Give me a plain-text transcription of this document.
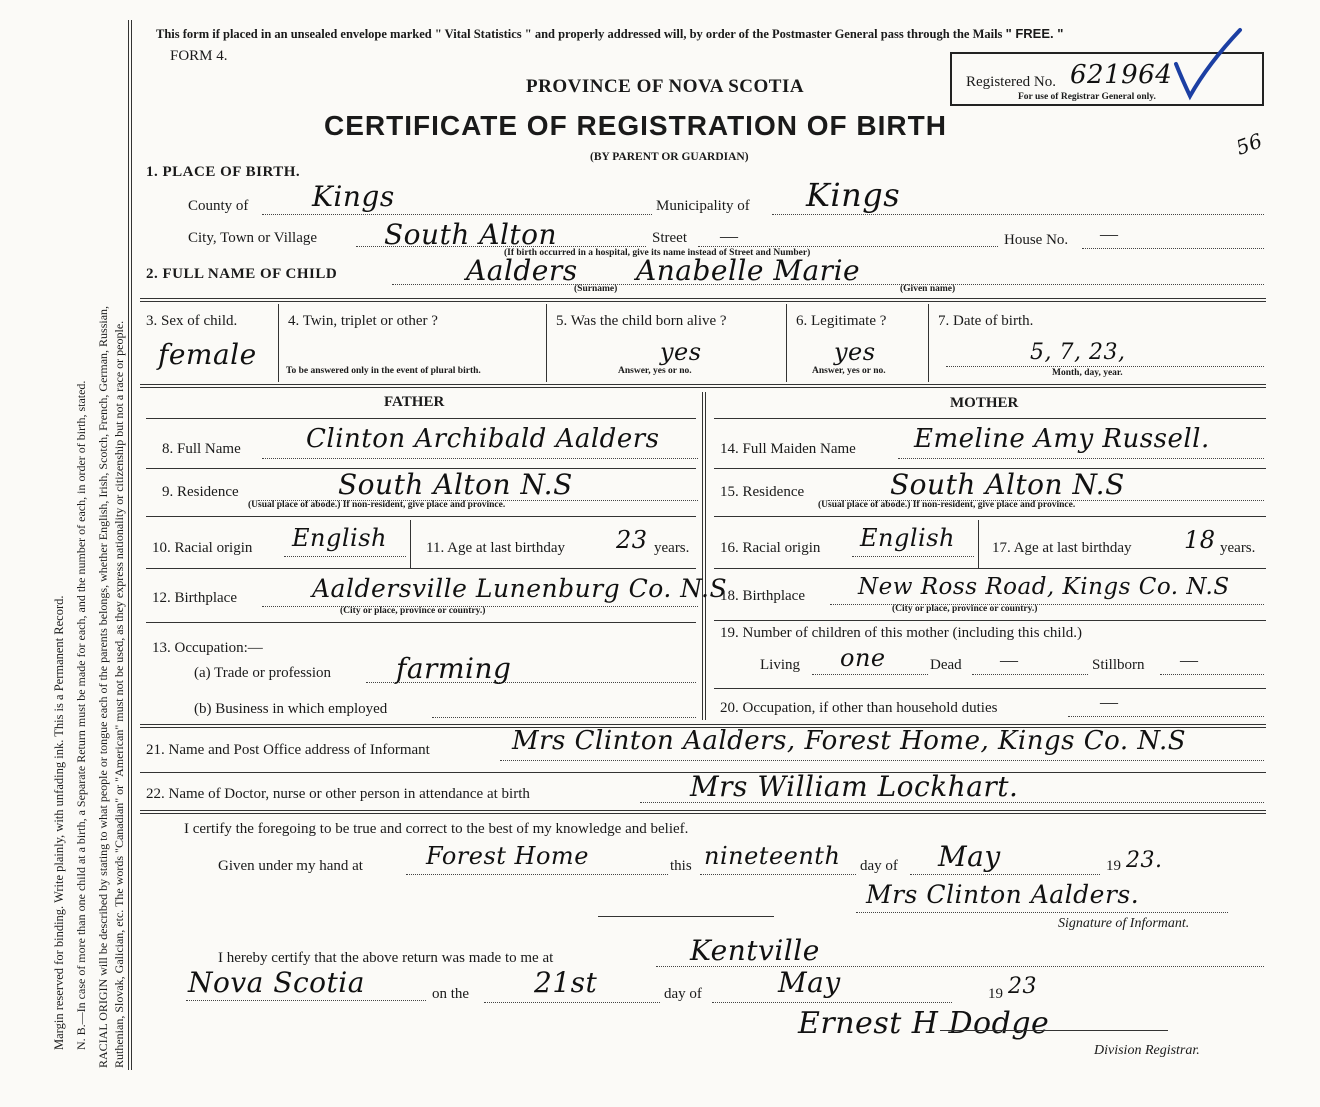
Margin reserved for binding. Write plainly, with unfading ink. This is a Permanent Record. N. B.—In case of more than one child at a birth, a Separate Return must be made for each, and the number of each, in order of birth, stated. RACIAL ORIGIN will be described by stating to what people or tongue each of the parents belongs, whether English, Irish, Scotch, French, German, Russian, Ruthenian, Slovak, Galician, etc. The words "Canadian" or "American" must not be used, as they express nationality or citizenship but not a race or people.
This form if placed in an unsealed envelope marked " Vital Statistics " and properly addressed will, by order of the Postmaster General pass through the Mails " FREE. "
FORM 4.
PROVINCE OF NOVA SCOTIA
CERTIFICATE OF REGISTRATION OF BIRTH
(BY PARENT OR GUARDIAN)
Registered No. 621964
For use of Registrar General only.
56
1. PLACE OF BIRTH.
County of Kings	Municipality of Kings
City, Town or Village South Alton	Street —	House No. —
(If birth occurred in a hospital, give its name instead of Street and Number)
2. FULL NAME OF CHILD	Aalders Anabelle Marie
(Surname)	(Given name)
3. Sex of child.
female
4. Twin, triplet or other ?
To be answered only in the event of plural birth.
5. Was the child born alive ?
yes
Answer, yes or no.
6. Legitimate ?
yes
Answer, yes or no.
7. Date of birth.
5, 7, 23,
Month, day, year.
FATHER	MOTHER
8. Full Name	Clinton Archibald Aalders
9. Residence	South Alton N.S
(Usual place of abode.) If non-resident, give place and province.
10. Racial origin English	11. Age at last birthday 23 years.
12. Birthplace	Aaldersville Lunenburg Co. N.S
(City or place, province or country.)
13. Occupation:—
(a) Trade or profession farming
(b) Business in which employed
14. Full Maiden Name Emeline Amy Russell.
15. Residence	South Alton N.S
(Usual place of abode.) If non-resident, give place and province.
16. Racial origin English 17. Age at last birthday 18 years.
18. Birthplace New Ross Road, Kings Co. N.S
(City or place, province or country.)
19. Number of children of this mother (including this child.)
Living one	Dead —	Stillborn —
20. Occupation, if other than household duties	—
21. Name and Post Office address of Informant	Mrs Clinton Aalders, Forest Home, Kings Co. N.S
22. Name of Doctor, nurse or other person in attendance at birth	Mrs William Lockhart.
I certify the foregoing to be true and correct to the best of my knowledge and belief.
Given under my hand at	Forest Home	this nineteenth day of May	19 23.
Mrs Clinton Aalders.
Signature of Informant.
I hereby certify that the above return was made to me at	Kentville
Nova Scotia	on the 21st	day of	May	19 23
Ernest H Dodge
Division Registrar.
